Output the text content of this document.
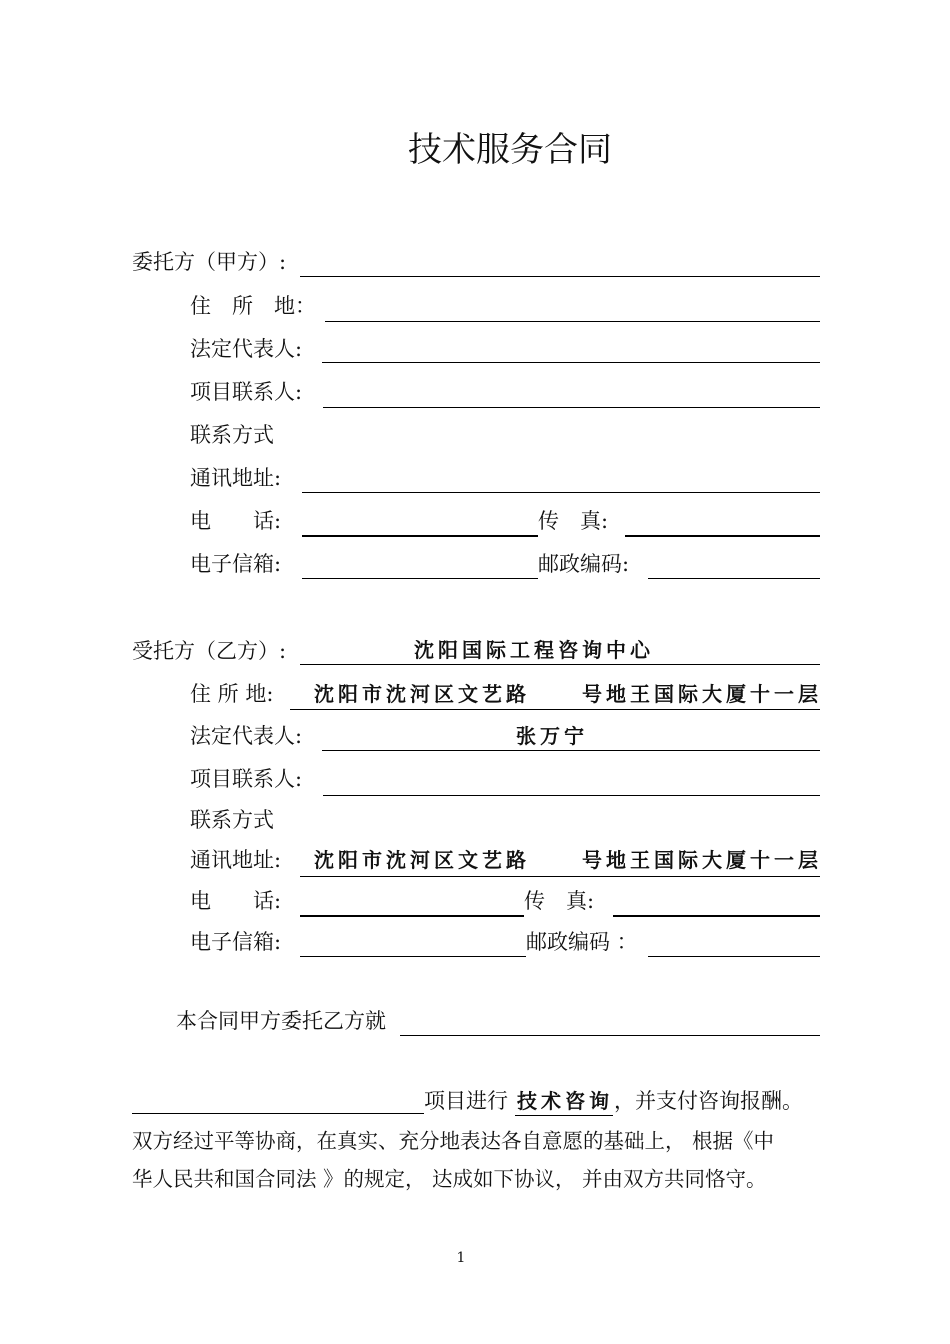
技术服务合同
委托方（甲方）:
住　所　地：
法定代表人:
项目联系人:
联系方式
通讯地址:
电　　话:	传　真:
电子信箱:	邮政编码:
受托方（乙方）:	沈阳国际工程咨询中心
住 所 地: 沈阳市沈河区文艺路	号地王国际大厦十一层
法定代表人:	张万宁
项目联系人:
联系方式
通讯地址: 沈阳市沈河区文艺路	号地王国际大厦十一层
电　　话:	传　真:
电子信箱:	邮政编码 ：
本合同甲方委托乙方就
项目进行 技术咨询 ，并支付咨询报酬。
双方经过平等协商，在真实、充分地表达各自意愿的基础上， 根据《中
华人民共和国合同法 》的规定， 达成如下协议， 并由双方共同恪守。
1
